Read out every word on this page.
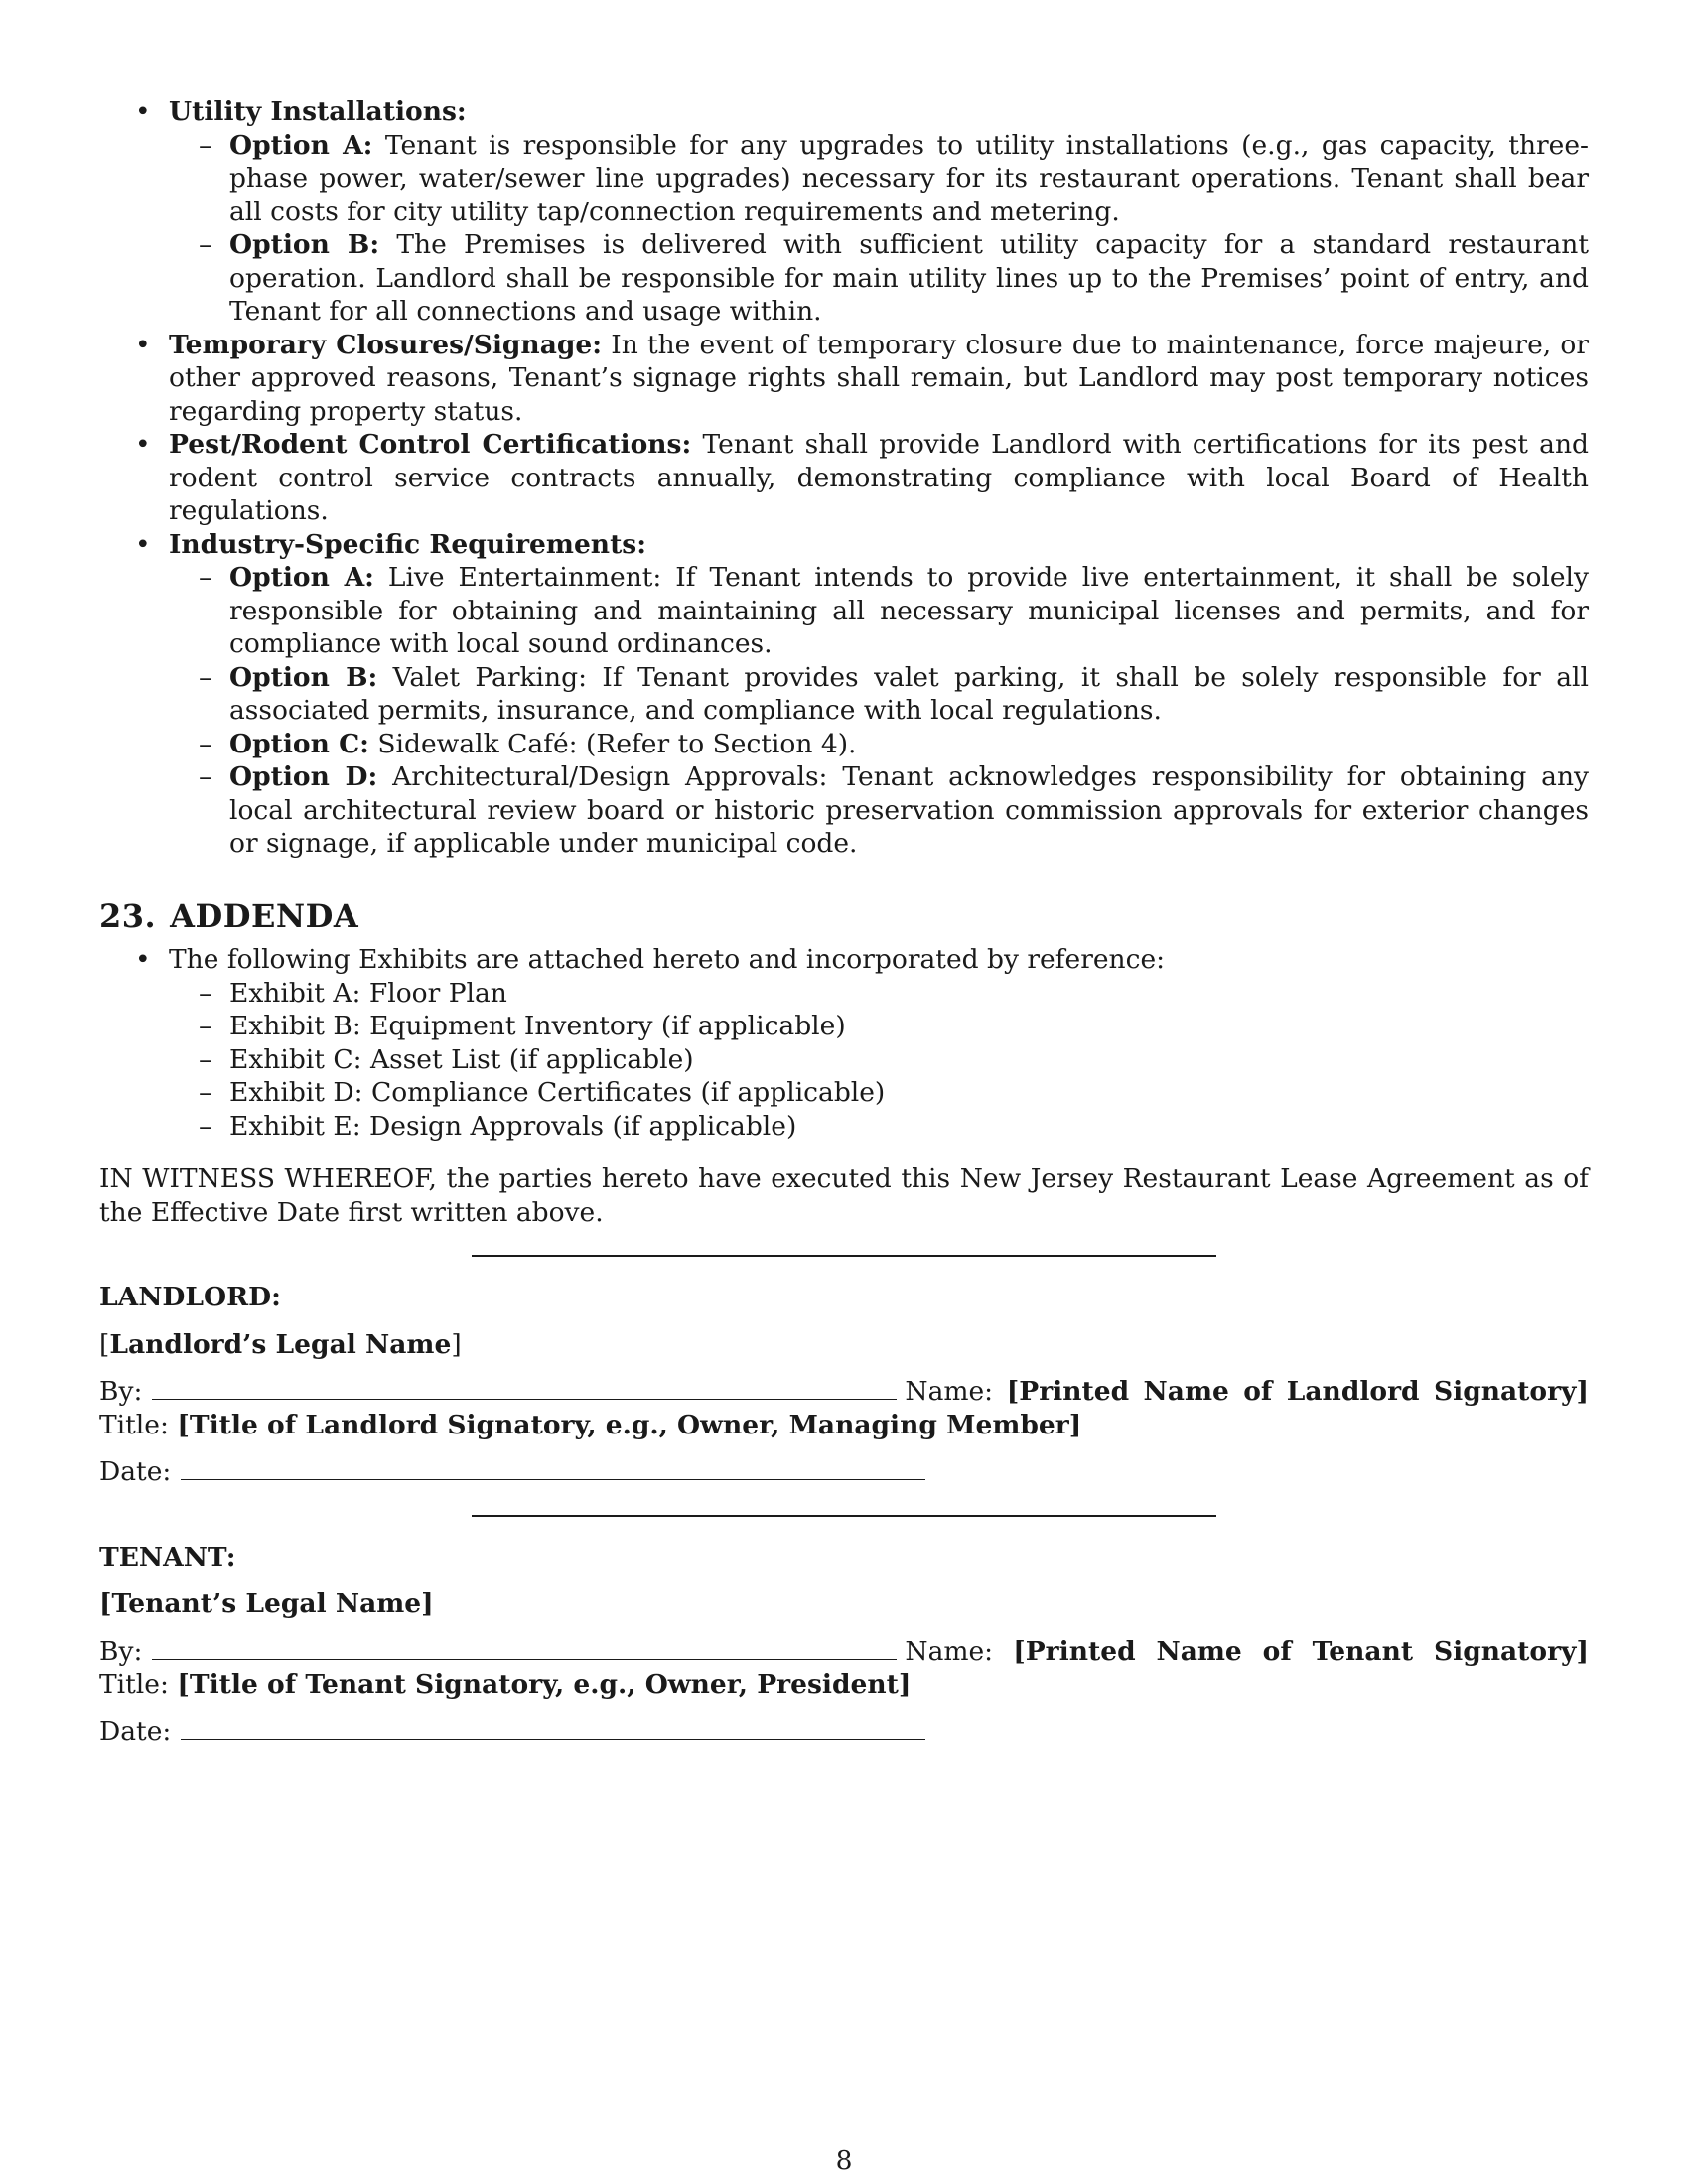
• Utility Installations:
– Option A: Tenant is responsible for any upgrades to utility installations (e.g., gas capacity, three-phase power, water/sewer line upgrades) necessary for its restaurant operations. Tenant shall bear all costs for city utility tap/connection requirements and metering.
– Option B: The Premises is delivered with sufficient utility capacity for a standard restaurant operation. Landlord shall be responsible for main utility lines up to the Premises’ point of entry, and Tenant for all connections and usage within.
• Temporary Closures/Signage: In the event of temporary closure due to maintenance, force majeure, or other approved reasons, Tenant’s signage rights shall remain, but Landlord may post temporary notices regarding property status.
• Pest/Rodent Control Certifications: Tenant shall provide Landlord with certifications for its pest and rodent control service contracts annually, demonstrating compliance with local Board of Health regulations.
• Industry-Specific Requirements:
– Option A: Live Entertainment: If Tenant intends to provide live entertainment, it shall be solely responsible for obtaining and maintaining all necessary municipal licenses and permits, and for compliance with local sound ordinances.
– Option B: Valet Parking: If Tenant provides valet parking, it shall be solely responsible for all associated permits, insurance, and compliance with local regulations.
– Option C: Sidewalk Café: (Refer to Section 4).
– Option D: Architectural/Design Approvals: Tenant acknowledges responsibility for obtaining any local architectural review board or historic preservation commission approvals for exterior changes or signage, if applicable under municipal code.
23. ADDENDA
• The following Exhibits are attached hereto and incorporated by reference:
– Exhibit A: Floor Plan
– Exhibit B: Equipment Inventory (if applicable)
– Exhibit C: Asset List (if applicable)
– Exhibit D: Compliance Certificates (if applicable)
– Exhibit E: Design Approvals (if applicable)

IN WITNESS WHEREOF, the parties hereto have executed this New Jersey Restaurant Lease Agreement as of the Effective Date first written above.

LANDLORD:
[Landlord’s Legal Name]
By:	Name: [Printed Name of Landlord Signatory] Title: [Title of Landlord Signatory, e.g., Owner, Managing Member]
Date:
TENANT:
[Tenant’s Legal Name]
By:	Name: [Printed Name of Tenant Signatory] Title: [Title of Tenant Signatory, e.g., Owner, President]
Date:
8
